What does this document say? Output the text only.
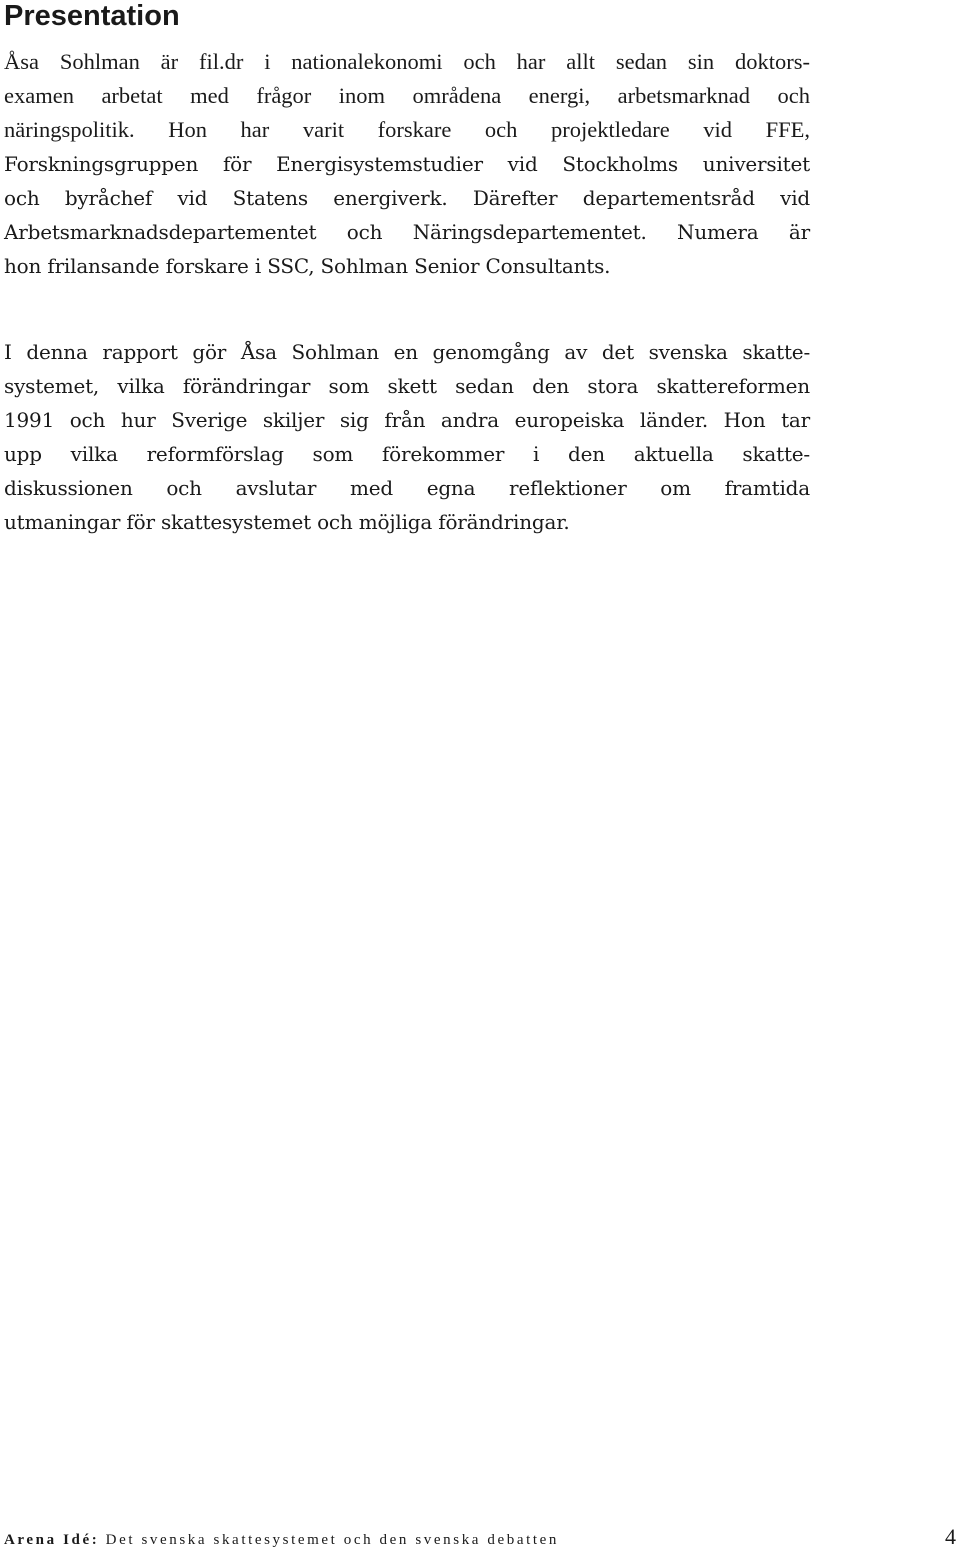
Presentation
Åsa Sohlman är fil.dr i nationalekonomi och har allt sedan sin doktors-
examen arbetat med frågor inom områdena energi, arbetsmarknad och
näringspolitik. Hon har varit forskare och projektledare vid FFE,
Forskningsgruppen för Energisystemstudier vid Stockholms universitet
och byråchef vid Statens energiverk. Därefter departementsråd vid
Arbetsmarknadsdepartementet och Näringsdepartementet. Numera är
hon frilansande forskare i SSC, Sohlman Senior Consultants.
I denna rapport gör Åsa Sohlman en genomgång av det svenska skatte-
systemet, vilka förändringar som skett sedan den stora skattereformen
1991 och hur Sverige skiljer sig från andra europeiska länder. Hon tar
upp vilka reformförslag som förekommer i den aktuella skatte-
diskussionen och avslutar med egna reflektioner om framtida
utmaningar för skattesystemet och möjliga förändringar.
Arena Idé: Det svenska skattesystemet och den svenska debatten	4
